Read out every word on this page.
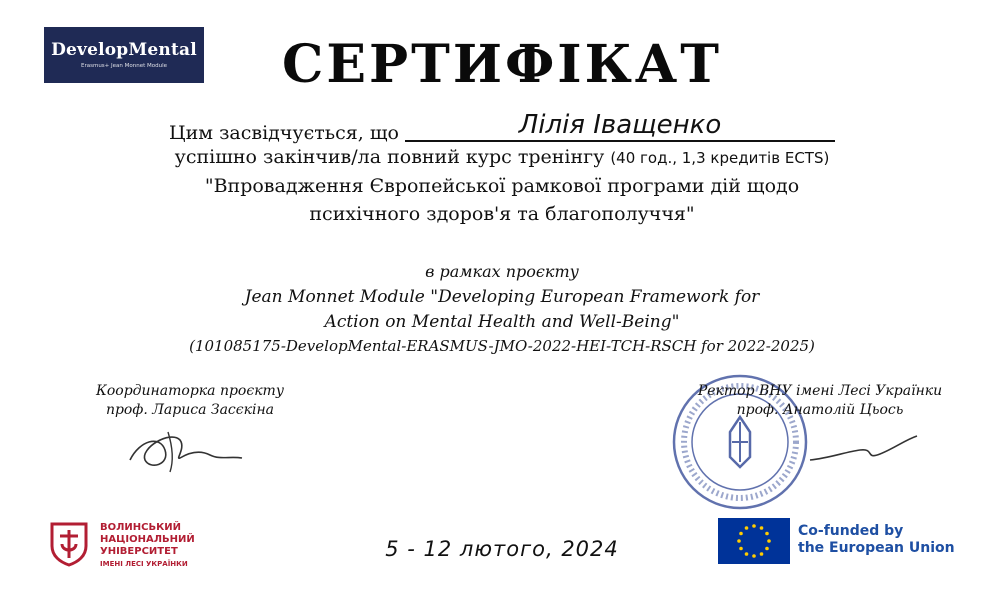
DevelopMental
Erasmus+ Jean Monnet Module	СЕРТИФІКАТ
Цим засвідчується, що	Лілія Іващенко
успішно закінчив/ла повний курс тренінгу (40 год., 1,3 кредитів ECTS)
"Впровадження Європейської рамкової програми дій щодо
психічного здоров'я та благополуччя"
в рамках проєкту
Jean Monnet Module "Developing European Framework for
Action on Mental Health and Well-Being"
(101085175-DevelopMental-ERASMUS-JMO-2022-HEI-TCH-RSCH for 2022-2025)
Координаторка проєкту
проф. Лариса Засєкіна
Ректор ВНУ імені Лесі Українки
проф. Анатолій Цьось
ВОЛИНСЬКИЙ
НАЦІОНАЛЬНИЙ
УНІВЕРСИТЕТ
ІМЕНІ ЛЕСІ УКРАЇНКИ
5 - 12 лютого, 2024
Co-funded by
the European Union
